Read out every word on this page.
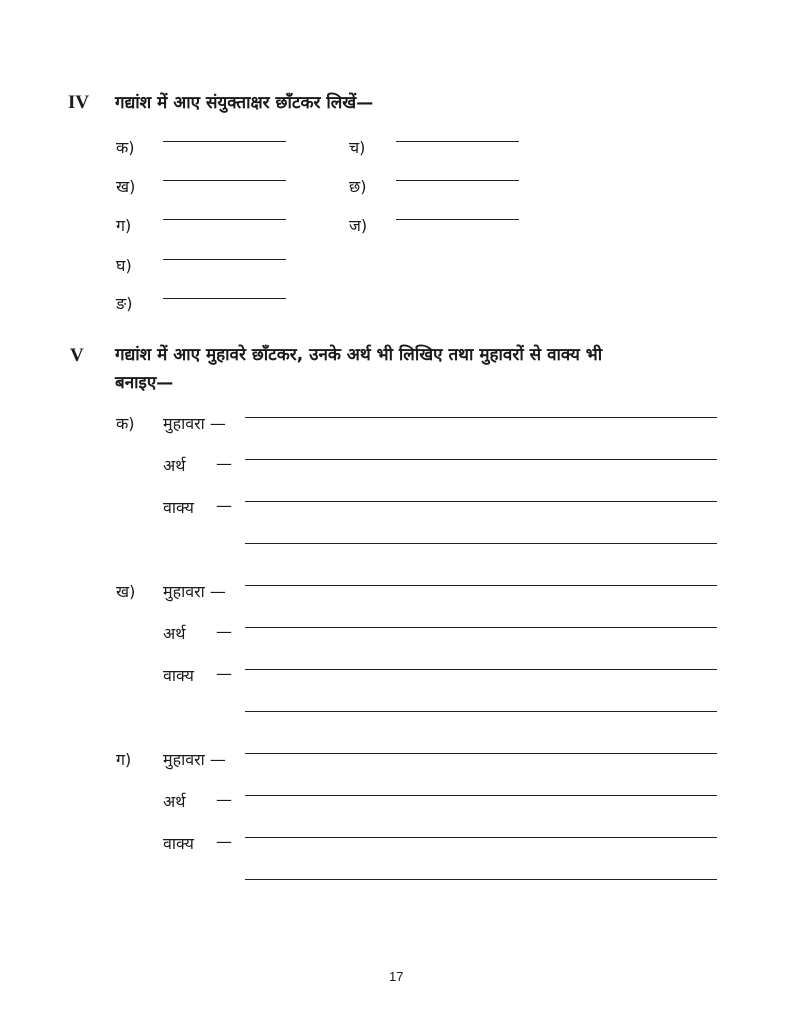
IV गद्यांश में आए संयुक्ताक्षर छाँटकर लिखें—
क)
ख)
ग)
घ)
ङ)
च)
छ)
ज)
V गद्यांश में आए मुहावरे छाँटकर, उनके अर्थ भी लिखिए तथा मुहावरों से वाक्य भी
बनाइए—
क) मुहावरा —
अर्थ —
वाक्य —
ख) मुहावरा —
अर्थ —
वाक्य —
ग) मुहावरा —
अर्थ —
वाक्य —
17
